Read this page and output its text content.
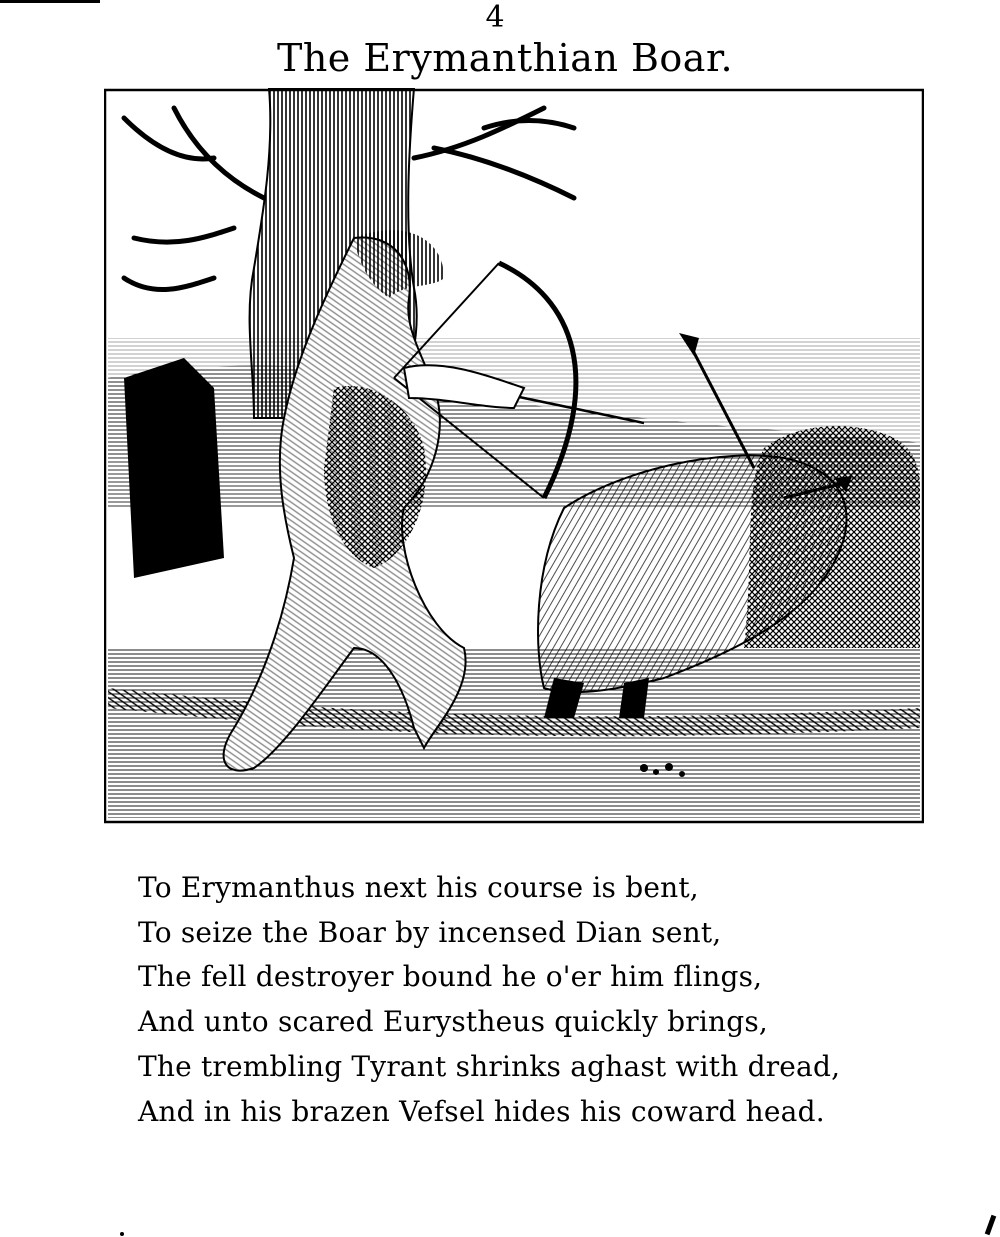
4
The Erymanthian Boar.
To Erymanthus next his course is bent,
To seize the Boar by incensed Dian sent,
The fell destroyer bound he o'er him flings,
And unto scared Eurystheus quickly brings,
The trembling Tyrant shrinks aghast with dread,
And in his brazen Vefsel hides his coward head.
